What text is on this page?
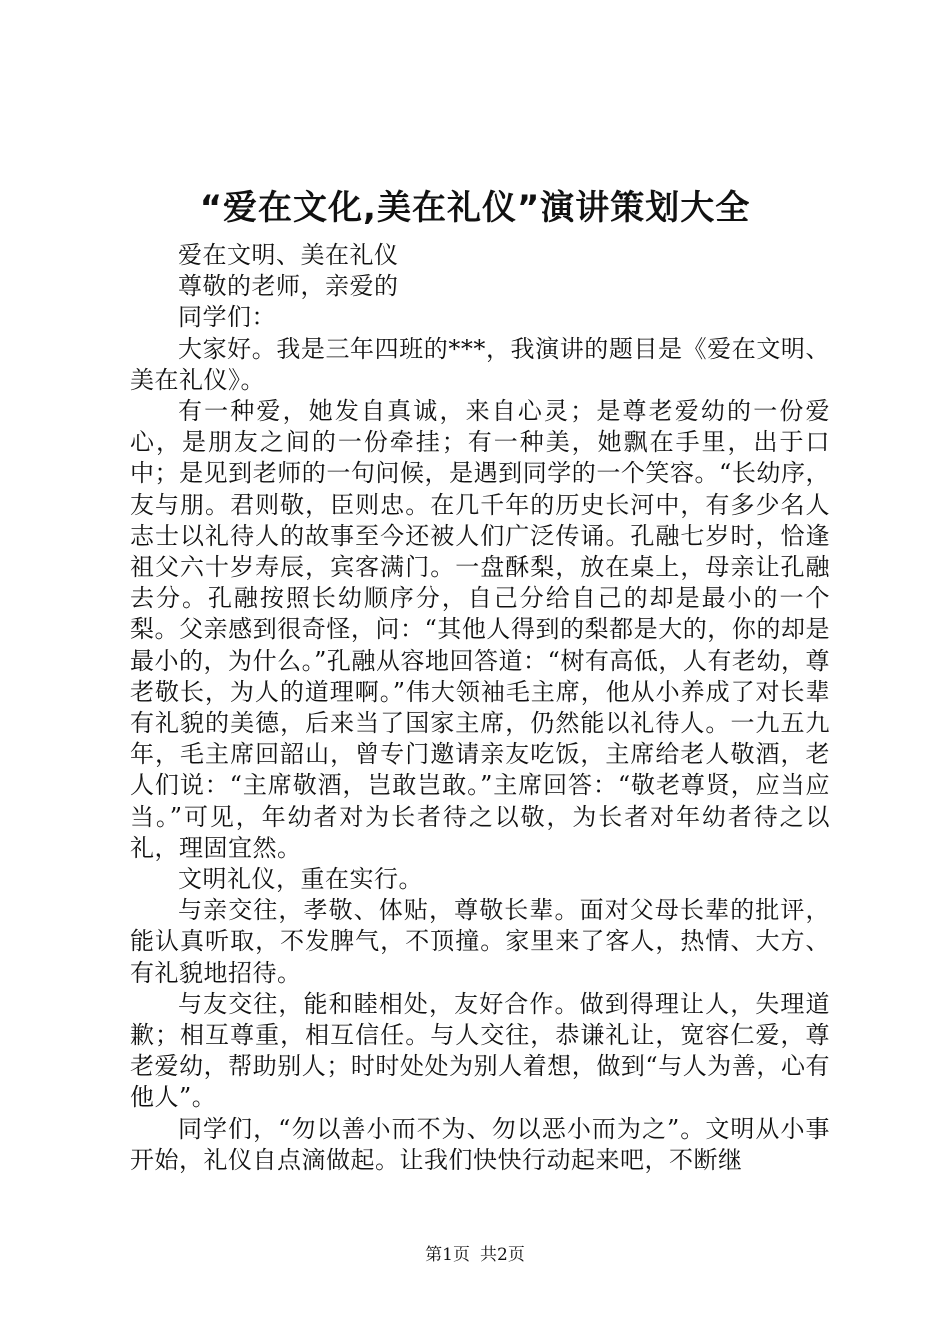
“爱在文化,美在礼仪”演讲策划大全

爱在文明、美在礼仪

尊敬的老师，亲爱的

同学们：

大家好。我是三年四班的***，我演讲的题目是《爱在文明、美在礼仪》。

有一种爱，她发自真诚，来自心灵；是尊老爱幼的一份爱心，是朋友之间的一份牵挂；有一种美，她飘在手里，出于口中；是见到老师的一句问候，是遇到同学的一个笑容。“长幼序，友与朋。君则敬，臣则忠。在几千年的历史长河中，有多少名人志士以礼待人的故事至今还被人们广泛传诵。孔融七岁时，恰逢祖父六十岁寿辰，宾客满门。一盘酥梨，放在桌上，母亲让孔融去分。孔融按照长幼顺序分，自己分给自己的却是最小的一个梨。父亲感到很奇怪，问：“其他人得到的梨都是大的，你的却是最小的，为什么。”孔融从容地回答道：“树有高低，人有老幼，尊老敬长，为人的道理啊。”伟大领袖毛主席，他从小养成了对长辈有礼貌的美德，后来当了国家主席，仍然能以礼待人。一九五九年，毛主席回韶山，曾专门邀请亲友吃饭，主席给老人敬酒，老人们说：“主席敬酒，岂敢岂敢。”主席回答：“敬老尊贤，应当应当。”可见，年幼者对为长者待之以敬，为长者对年幼者待之以礼，理固宜然。

文明礼仪，重在实行。

与亲交往，孝敬、体贴，尊敬长辈。面对父母长辈的批评，能认真听取，不发脾气，不顶撞。家里来了客人，热情、大方、有礼貌地招待。

与友交往，能和睦相处，友好合作。做到得理让人，失理道歉；相互尊重，相互信任。与人交往，恭谦礼让，宽容仁爱，尊老爱幼，帮助别人；时时处处为别人着想，做到“与人为善，心有他人”。

同学们，“勿以善小而不为、勿以恶小而为之”。文明从小事开始，礼仪自点滴做起。让我们快快行动起来吧，不断继

第1页 共2页
